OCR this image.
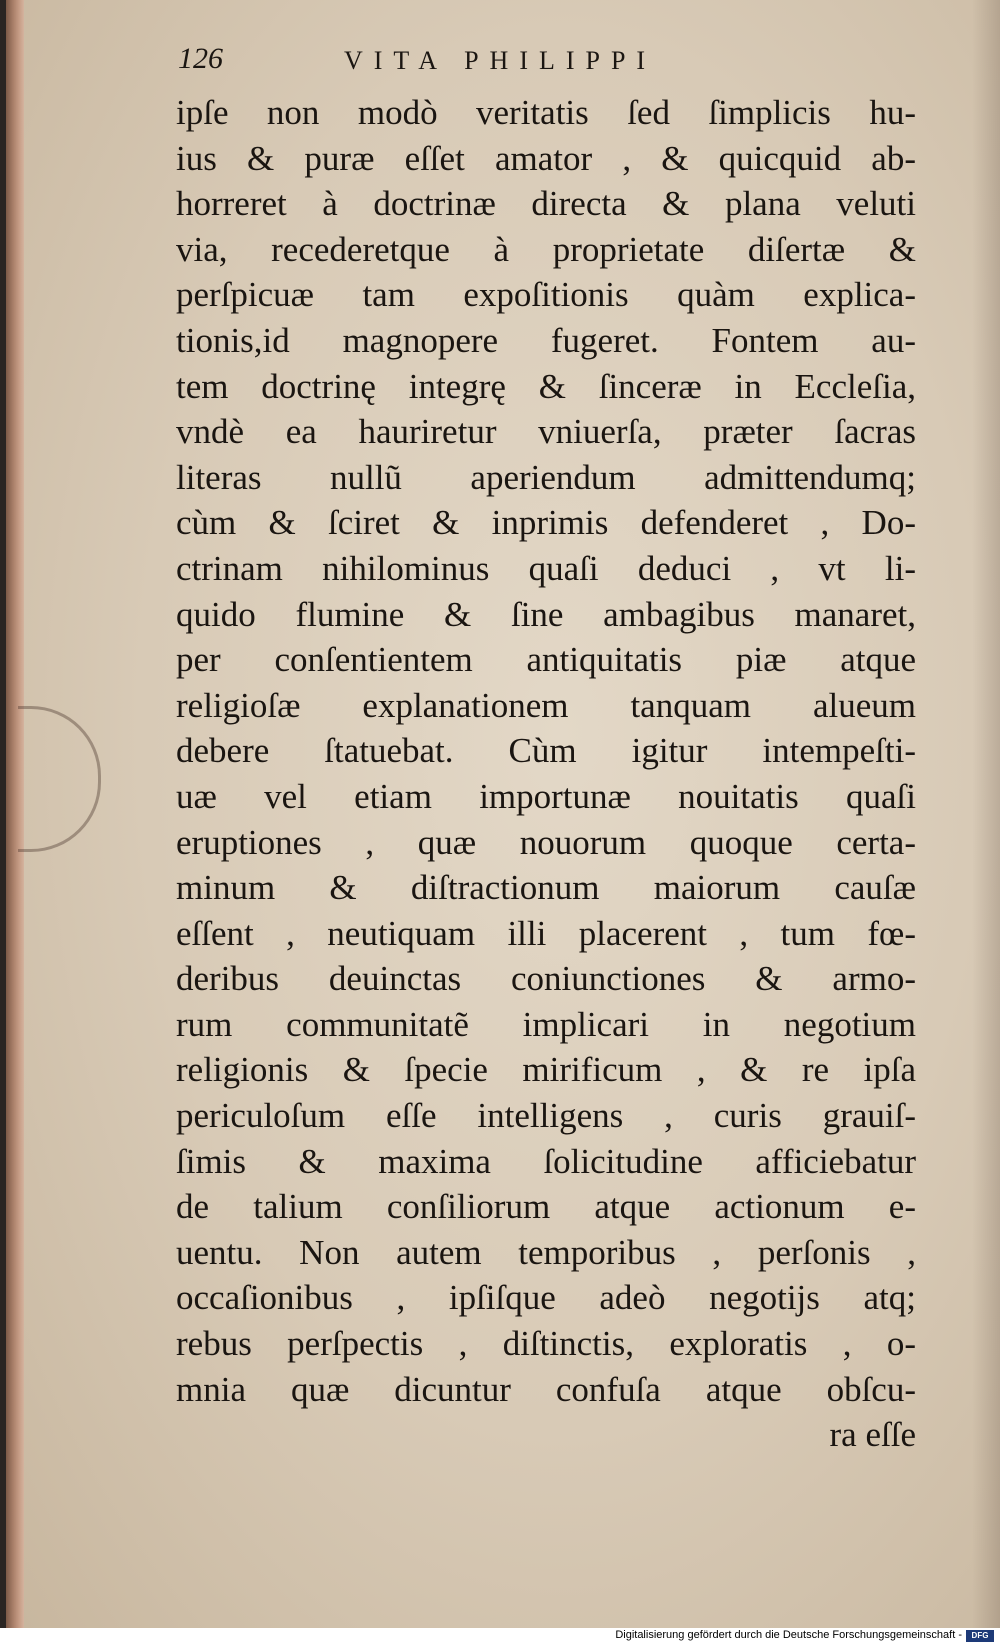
126	VITA PHILIPPI
ipſe non modò veritatis ſed ſimplicis hu-
ius & puræ eſſet amator , & quicquid ab-
horreret à doctrinæ directa & plana veluti
via, recederetque à proprietate diſertæ &
perſpicuæ tam expoſitionis quàm explica-
tionis,id magnopere fugeret. Fontem au-
tem doctrinę integrę & ſinceræ in Eccleſia,
vndè ea hauriretur vniuerſa, præter ſacras
literas nullũ aperiendum admittendumq;
cùm & ſciret & inprimis defenderet , Do-
ctrinam nihilominus quaſi deduci , vt li-
quido flumine & ſine ambagibus manaret,
per conſentientem antiquitatis piæ atque
religioſæ explanationem tanquam alueum
debere ſtatuebat. Cùm igitur intempeſti-
uæ vel etiam importunæ nouitatis quaſi
eruptiones , quæ nouorum quoque certa-
minum & diſtractionum maiorum cauſæ
eſſent , neutiquam illi placerent , tum fœ-
deribus deuinctas coniunctiones & armo-
rum communitatẽ implicari in negotium
religionis & ſpecie mirificum , & re ipſa
periculoſum eſſe intelligens , curis grauiſ-
ſimis & maxima ſolicitudine afficiebatur
de talium conſiliorum atque actionum e-
uentu. Non autem temporibus , perſonis ,
occaſionibus , ipſiſque adeò negotijs atq;
rebus perſpectis , diſtinctis, exploratis , o-
mnia quæ dicuntur confuſa atque obſcu-
ra eſſe
Digitalisierung gefördert durch die Deutsche Forschungsgemeinschaft -	DFG
